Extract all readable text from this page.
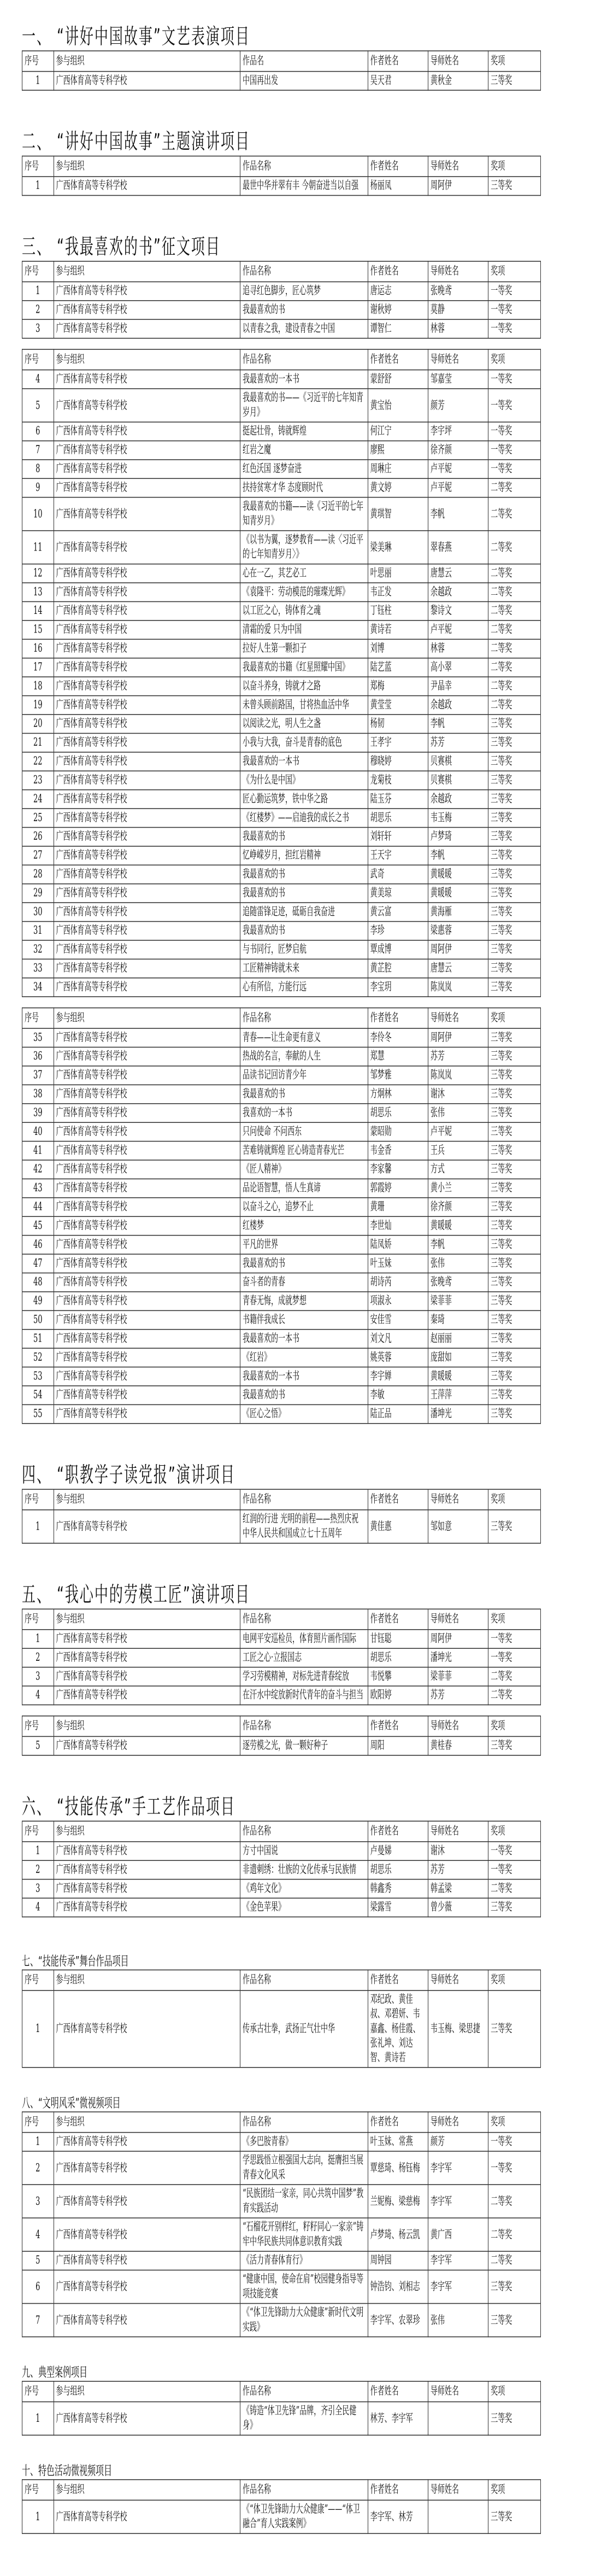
一、 “讲好中国故事”文艺表演项目
序号	参与组织	作品名	作者姓名	导师姓名	奖项
1	广西体育高等专科学校	中国再出发	吴天君	黄秋金	三等奖
二、 “讲好中国故事”主题演讲项目
序号	参与组织	作品名称	作者姓名	导师姓名	奖项
1	广西体育高等专科学校	最世中华并翠有丰 今朝奋进当以自强	杨丽凤	周阿伊	三等奖
三、 “我最喜欢的书”征文项目
序号	参与组织	作品名称	作者姓名	导师姓名	奖项
1	广西体育高等专科学校	追寻红色脚步，匠心筑梦	唐运志	张晚鸢	一等奖
2	广西体育高等专科学校	我最喜欢的书	谢秋婷	莫静	一等奖
3	广西体育高等专科学校	以青春之我，建设青春之中国	谭智仁	林蓉	一等奖
序号	参与组织	作品名称	作者姓名	导师姓名	奖项
4	广西体育高等专科学校	我最喜欢的一本书	蒙舒舒	邹嘉莹	一等奖
5	广西体育高等专科学校	我最喜欢的书——《习近平的七年知青岁月》	黄宝怡	颜芳	一等奖
6	广西体育高等专科学校	挺起壮骨，铸就辉煌	何江宁	李宇坪	一等奖
7	广西体育高等专科学校	红岩之魔	廖熙	徐齐颜	一等奖
8	广西体育高等专科学校	红色沃国 逐梦奋进	周琳庄	卢平妮	一等奖
9	广西体育高等专科学校	扶持贫寒才华 态度顾时代	黄文婷	卢平妮	二等奖
10	广西体育高等专科学校	我最喜欢的书籍——读《习近平的七年知青岁月》	黄琪智	李帆	二等奖
11	广西体育高等专科学校	《以书为翼，逐梦教育——读〈习近平的七年知青岁月〉》	梁美琳	翠春燕	二等奖
12	广西体育高等专科学校	心在一乙，其艺必工	叶思丽	唐慧云	二等奖
13	广西体育高等专科学校	《袁隆平：劳动模范的璀璨光辉》	韦正发	余越政	二等奖
14	广西体育高等专科学校	以工匠之心，铸体育之魂	丁钰柱	黎诗文	二等奖
15	广西体育高等专科学校	清霜的爱 只为中国	黄诗若	卢平妮	二等奖
16	广西体育高等专科学校	拉好人生第一颗扣子	刘博	林蓉	二等奖
17	广西体育高等专科学校	我最喜欢的书籍《红星照耀中国》	陆艺蓝	高小翠	二等奖
18	广西体育高等专科学校	以奋斗养身，铸就才之路	郑梅	尹晶幸	二等奖
19	广西体育高等专科学校	未曾头顾前路国，甘将热血活中华	黄莹莹	余越政	二等奖
20	广西体育高等专科学校	以阅读之光，明人生之盏	杨韧	李帆	三等奖
21	广西体育高等专科学校	小我与大我，奋斗是青春的底色	王孝宇	苏芳	三等奖
22	广西体育高等专科学校	我最喜欢的一本书	穆晓婷	贝赛棋	三等奖
23	广西体育高等专科学校	《为什么是中国》	龙菊枝	贝赛棋	三等奖
24	广西体育高等专科学校	匠心勤运筑梦，铁中华之路	陆玉芬	余越政	三等奖
25	广西体育高等专科学校	《红楼梦》——启迪我的成长之书	胡思乐	韦玉梅	三等奖
26	广西体育高等专科学校	我最喜欢的书	刘轩轩	卢梦琦	三等奖
27	广西体育高等专科学校	忆峥嵘岁月，担红岩精神	王天宇	李帆	三等奖
28	广西体育高等专科学校	我最喜欢的书	武奇	黄暖暖	三等奖
29	广西体育高等专科学校	我最喜欢的书	黄美琼	黄暖暖	三等奖
30	广西体育高等专科学校	追随雷锋足迹，砥砺自我奋进	黄云富	黄海雁	三等奖
31	广西体育高等专科学校	我最喜欢的书	李珍	梁惠蓉	三等奖
32	广西体育高等专科学校	与书同行，匠梦启航	覃成博	周阿伊	三等奖
33	广西体育高等专科学校	工匠精神铸就未来	黄芷腔	唐慧云	三等奖
34	广西体育高等专科学校	心有所信，方能行远	李宝玥	陈岚岚	三等奖
序号	参与组织	作品名称	作者姓名	导师姓名	奖项
35	广西体育高等专科学校	青春——让生命更有意义	李伶冬	周阿伊	三等奖
36	广西体育高等专科学校	热战的名言，奉献的人生	郑慧	苏芳	三等奖
37	广西体育高等专科学校	品读书记回访青少年	邹梦雅	陈岚岚	三等奖
38	广西体育高等专科学校	我最喜欢的书	方炯林	谢沐	三等奖
39	广西体育高等专科学校	我喜欢的一本书	胡思乐	张伟	三等奖
40	广西体育高等专科学校	只问使命 不问西东	蒙昭勋	卢平妮	三等奖
41	广西体育高等专科学校	苦难铸就辉煌 匠心铸造青春光芒	韦金香	王兵	三等奖
42	广西体育高等专科学校	《匠人精神》	李家馨	方式	三等奖
43	广西体育高等专科学校	品论语智慧，悟人生真谛	郭霞婷	黄小兰	三等奖
44	广西体育高等专科学校	以奋斗之心，追梦不止	黄珊	徐齐颜	三等奖
45	广西体育高等专科学校	红楼梦	李世灿	黄暖暖	三等奖
46	广西体育高等专科学校	平凡的世界	陆凤娇	李帆	三等奖
47	广西体育高等专科学校	我最喜欢的书	叶玉妹	张伟	三等奖
48	广西体育高等专科学校	奋斗者的青春	胡诗芮	张晚鸢	三等奖
49	广西体育高等专科学校	青春无悔，成就梦想	项淑永	梁菲菲	三等奖
50	广西体育高等专科学校	书籍伴我成长	安佳雪	秦琦	三等奖
51	广西体育高等专科学校	我最喜欢的一本书	刘文凡	赵丽丽	三等奖
52	广西体育高等专科学校	《红岩》	姚英蓉	庞甜如	三等奖
53	广西体育高等专科学校	我最喜欢的一本书	李宇婵	黄暖暖	三等奖
54	广西体育高等专科学校	我最喜欢的书	李敏	王萍萍	三等奖
55	广西体育高等专科学校	《匠心之悟》	陆正品	潘坤光	三等奖
四、 “职教学子读党报”演讲项目
序号	参与组织	作品名称	作者姓名	导师姓名	奖项
1	广西体育高等专科学校	红润的行进 光明的前程——热烈庆祝中华人民共和国成立七十五周年	黄佳惠	邹如意	三等奖
五、 “我心中的劳模工匠”演讲项目
序号	参与组织	作品名称	作者姓名	导师姓名	奖项
1	广西体育高等专科学校	电网平安巡检员，体育照片画作国际	甘钰聪	周阿伊	一等奖
2	广西体育高等专科学校	工匠之心·立报国志	胡思乐	潘坤光	一等奖
3	广西体育高等专科学校	学习劳模精神，对标先进青春绽放	韦悦攀	梁菲菲	二等奖
4	广西体育高等专科学校	在汗水中绽放新时代青年的奋斗与担当	欧阳婷	苏芳	二等奖
序号	参与组织	作品名称	作者姓名	导师姓名	奖项
5	广西体育高等专科学校	逐劳模之光，做一颗好种子	周阳	黄桂春	三等奖
六、 “技能传承”手工艺作品项目
序号	参与组织	作品名称	作者姓名	导师姓名	奖项
1	广西体育高等专科学校	方寸中国说	卢曼娣	谢沐	一等奖
2	广西体育高等专科学校	非遗刺绣：壮族的文化传承与民族情	胡思乐	苏芳	一等奖
3	广西体育高等专科学校	《鸡年文化》	韩鑫秀	韩孟梁	二等奖
4	广西体育高等专科学校	《金色苹果》	梁露雪	曾少薇	三等奖
七、“技能传承”舞台作品项目
序号	参与组织	作品名称	作者姓名	导师姓名	奖项
1	广西体育高等专科学校	传承古壮拳，武扬正气壮中华	邓纪政、黄佳叔、邓碧妍、韦嘉鑫、杨佳霞、张礼坤、刘达智、黄诗若	韦玉梅、梁思捷	三等奖
八、“文明风采”微视频项目
序号	参与组织	作品名称	作者姓名	导师姓名	奖项
1	广西体育高等专科学校	《多巴胺青春》	叶玉妹、常燕	颜芳	一等奖
2	广西体育高等专科学校	学思践悟立根强国大志向，挺膺担当展青春文化风采	覃慈琦、杨钰梅	李宇军	一等奖
3	广西体育高等专科学校	“民族团结一家亲，同心共筑中国梦”教育实践活动	兰妮梅、梁慈梅	李宇军	二等奖
4	广西体育高等专科学校	“石榴花开别样红，籽籽同心一家亲”铸牢中华民族共同体意识教育实践	卢梦琦、杨云凯	黄广西	二等奖
5	广西体育高等专科学校	《活力青春体育行》	周钟园	李宇军	二等奖
6	广西体育高等专科学校	“健康中国，使命在肩”校园健身指导等项技能竞赛	钟浩钧、刘相志	李宇军	三等奖
7	广西体育高等专科学校	《“体卫先锋助力大众健康”新时代文明实践》	李宇军、农翠珍	张伟	三等奖
九、典型案例项目
序号	参与组织	作品名称	作者姓名	导师姓名	奖项
1	广西体育高等专科学校	《铸造“体卫先锋”品牌，齐引全民健身》	林芳、李宇军		三等奖
十、特色活动微视频项目
序号	参与组织	作品名称	作者姓名	导师姓名	奖项
1	广西体育高等专科学校	《“体卫先锋助力大众健康”——“体卫融合”育人实践案例》	李宇军、林芳		三等奖
